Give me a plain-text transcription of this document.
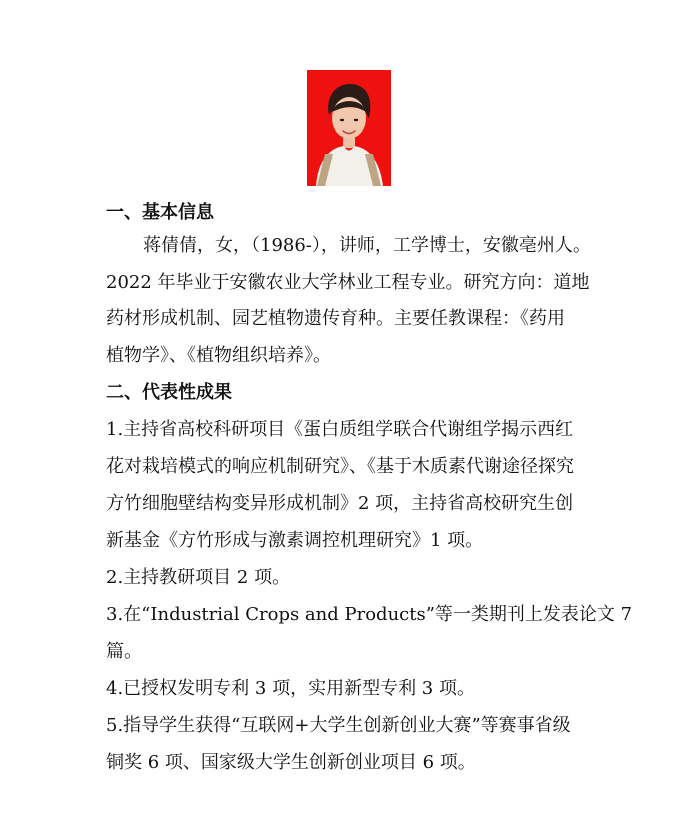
一、基本信息

蒋倩倩，女，（1986-），讲师，工学博士，安徽亳州人。

2022 年毕业于安徽农业大学林业工程专业。研究方向：道地

药材形成机制、园艺植物遗传育种。主要任教课程：《药用

植物学》、《植物组织培养》。

二、代表性成果

1.主持省高校科研项目《蛋白质组学联合代谢组学揭示西红

花对栽培模式的响应机制研究》、《基于木质素代谢途径探究

方竹细胞壁结构变异形成机制》2 项，主持省高校研究生创

新基金《方竹形成与激素调控机理研究》1 项。

2.主持教研项目 2 项。

3.在“Industrial Crops and Products”等一类期刊上发表论文 7

篇。

4.已授权发明专利 3 项，实用新型专利 3 项。

5.指导学生获得“互联网+大学生创新创业大赛”等赛事省级

铜奖 6 项、国家级大学生创新创业项目 6 项。
